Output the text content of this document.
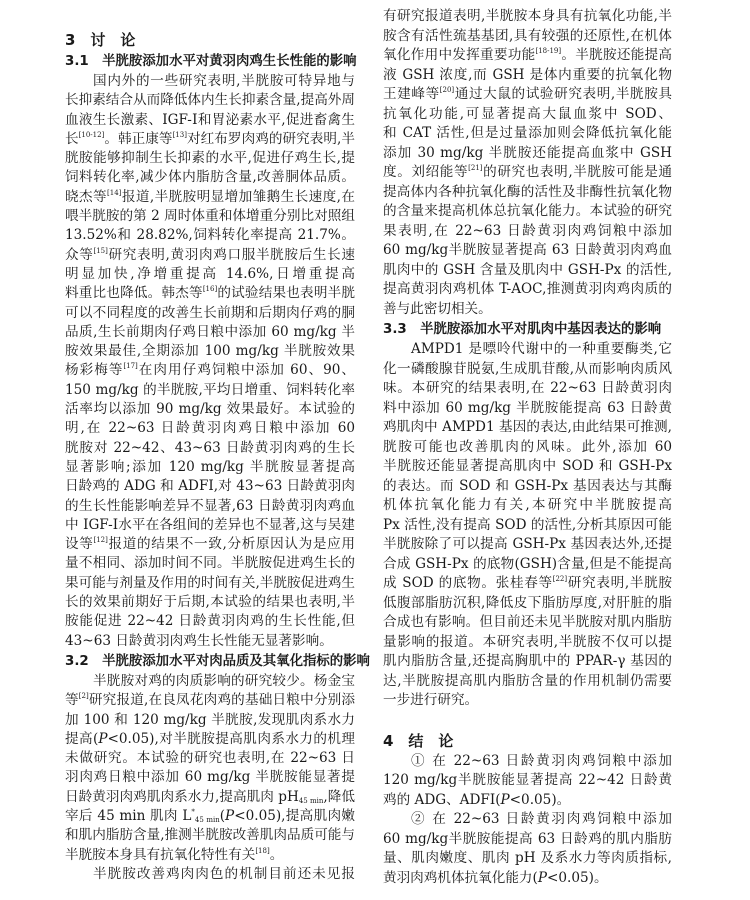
3　讨　论
3.1　半胱胺添加水平对黄羽肉鸡生长性能的影响
国内外的一些研究表明,半胱胺可特异地与
长抑素结合从而降低体内生长抑素含量,提高外周
血液生长激素、IGF-Ⅰ和胃泌素水平,促进畜禽生
长[10-12]。韩正康等[13]对红布罗肉鸡的研究表明,半
胱胺能够抑制生长抑素的水平,促进仔鸡生长,提
饲料转化率,减少体内脂肪含量,改善胴体品质。
晓杰等[14]报道,半胱胺明显增加雏鹅生长速度,在
喂半胱胺的第 2 周时体重和体增重分别比对照组
13.52%和 28.82%,饲料转化率提高 21.7%。
众等[15]研究表明,黄羽肉鸡口服半胱胺后生长速
明显加快,净增重提高 14.6%,日增重提高
料重比也降低。韩杰等[16]的试验结果也表明半胱
可以不同程度的改善生长前期和后期肉仔鸡的胴
品质,生长前期肉仔鸡日粮中添加 60 mg/kg 半
胺效果最佳,全期添加 100 mg/kg 半胱胺效果
杨彩梅等[17]在肉用仔鸡饲粮中添加 60、90、
150 mg/kg 的半胱胺,平均日增重、饲料转化率
活率均以添加 90 mg/kg 效果最好。本试验的
明,在 22~63 日龄黄羽肉鸡日粮中添加 60
胱胺对 22~42、43~63 日龄黄羽肉鸡的生长
显著影响;添加 120 mg/kg 半胱胺显著提高
日龄鸡的 ADG 和 ADFI,对 43~63 日龄黄羽肉
的生长性能影响差异不显著,63 日龄黄羽肉鸡血
中 IGF-Ⅰ水平在各组间的差异也不显著,这与吴建
设等[12]报道的结果不一致,分析原因认为是应用
量不相同、添加时间不同。半胱胺促进鸡生长的
果可能与剂量及作用的时间有关,半胱胺促进鸡生
长的效果前期好于后期,本试验的结果也表明,半
胺能促进 22~42 日龄黄羽肉鸡的生长性能,但
43~63 日龄黄羽肉鸡生长性能无显著影响。
3.2　半胱胺添加水平对肉品质及其氧化指标的影响
半胱胺对鸡的肉质影响的研究较少。杨金宝
等[2]研究报道,在良凤花肉鸡的基础日粮中分别添
加 100 和 120 mg/kg 半胱胺,发现肌肉系水力
提高(P<0.05),对半胱胺提高肌肉系水力的机理
未做研究。本试验的研究也表明,在 22~63 日
羽肉鸡日粮中添加 60 mg/kg 半胱胺能显著提
日龄黄羽肉鸡肌肉系水力,提高肌肉 $pH_{45 min}$,降低
宰后 45 min 肌肉 $L^*_{45 min}(P<0.05)$,提高肌肉嫩
和肌内脂肪含量,推测半胱胺改善肌肉品质可能与
半胱胺本身具有抗氧化特性有关[18]。
半胱胺改善鸡肉肉色的机制目前还未见报
有研究报道表明,半胱胺本身具有抗氧化功能,半
胺含有活性巯基基团,具有较强的还原性,在机体
氧化作用中发挥重要功能[18-19]。半胱胺还能提高
液 GSH 浓度,而 GSH 是体内重要的抗氧化物
王建峰等[20]通过大鼠的试验研究表明,半胱胺具
抗氧化功能,可显著提高大鼠血浆中 SOD、
和 CAT 活性,但是过量添加则会降低抗氧化能
添加 30 mg/kg 半胱胺还能提高血浆中 GSH
度。刘绍能等[21]的研究也表明,半胱胺可能是通
提高体内各种抗氧化酶的活性及非酶性抗氧化物
的含量来提高机体总抗氧化能力。本试验的研究
果表明,在 22~63 日龄黄羽肉鸡饲粮中添加
60 mg/kg半胱胺显著提高 63 日龄黄羽肉鸡血
肌肉中的 GSH 含量及肌肉中 GSH-Px 的活性,
提高黄羽肉鸡机体 T-AOC,推测黄羽肉鸡肉质的
善与此密切相关。
3.3　半胱胺添加水平对肌肉中基因表达的影响
AMPD1 是嘌呤代谢中的一种重要酶类,它
化一磷酸腺苷脱氨,生成肌苷酸,从而影响肉质风
味。本研究的结果表明,在 22~63 日龄黄羽肉
料中添加 60 mg/kg 半胱胺能提高 63 日龄黄
鸡肌肉中 AMPD1 基因的表达,由此结果可推测,
胱胺可能也改善肌肉的风味。此外,添加 60
半胱胺还能显著提高肌肉中 SOD 和 GSH-Px
的表达。而 SOD 和 GSH-Px 基因表达与其酶
机体抗氧化能力有关,本研究中半胱胺提高
Px 活性,没有提高 SOD 的活性,分析其原因可能
半胱胺除了可以提高 GSH-Px 基因表达外,还提
合成 GSH-Px 的底物(GSH)含量,但是不能提高
成 SOD 的底物。张桂春等[22]研究表明,半胱胺
低腹部脂肪沉积,降低皮下脂肪厚度,对肝脏的脂
合成也有影响。但目前还未见半胱胺对肌内脂肪
量影响的报道。本研究表明,半胱胺不仅可以提
肌内脂肪含量,还提高胸肌中的 PPAR-γ 基因的
达,半胱胺提高肌内脂肪含量的作用机制仍需要
一步进行研究。
4　结　论
① 在 22~63 日龄黄羽肉鸡饲粮中添加
120 mg/kg半胱胺能显著提高 22~42 日龄黄
鸡的 ADG、ADFI(P<0.05)。
② 在 22~63 日龄黄羽肉鸡饲粮中添加
60 mg/kg半胱胺能提高 63 日龄鸡的肌内脂肪
量、肌肉嫩度、肌肉 pH 及系水力等肉质指标,
黄羽肉鸡机体抗氧化能力(P<0.05)。
